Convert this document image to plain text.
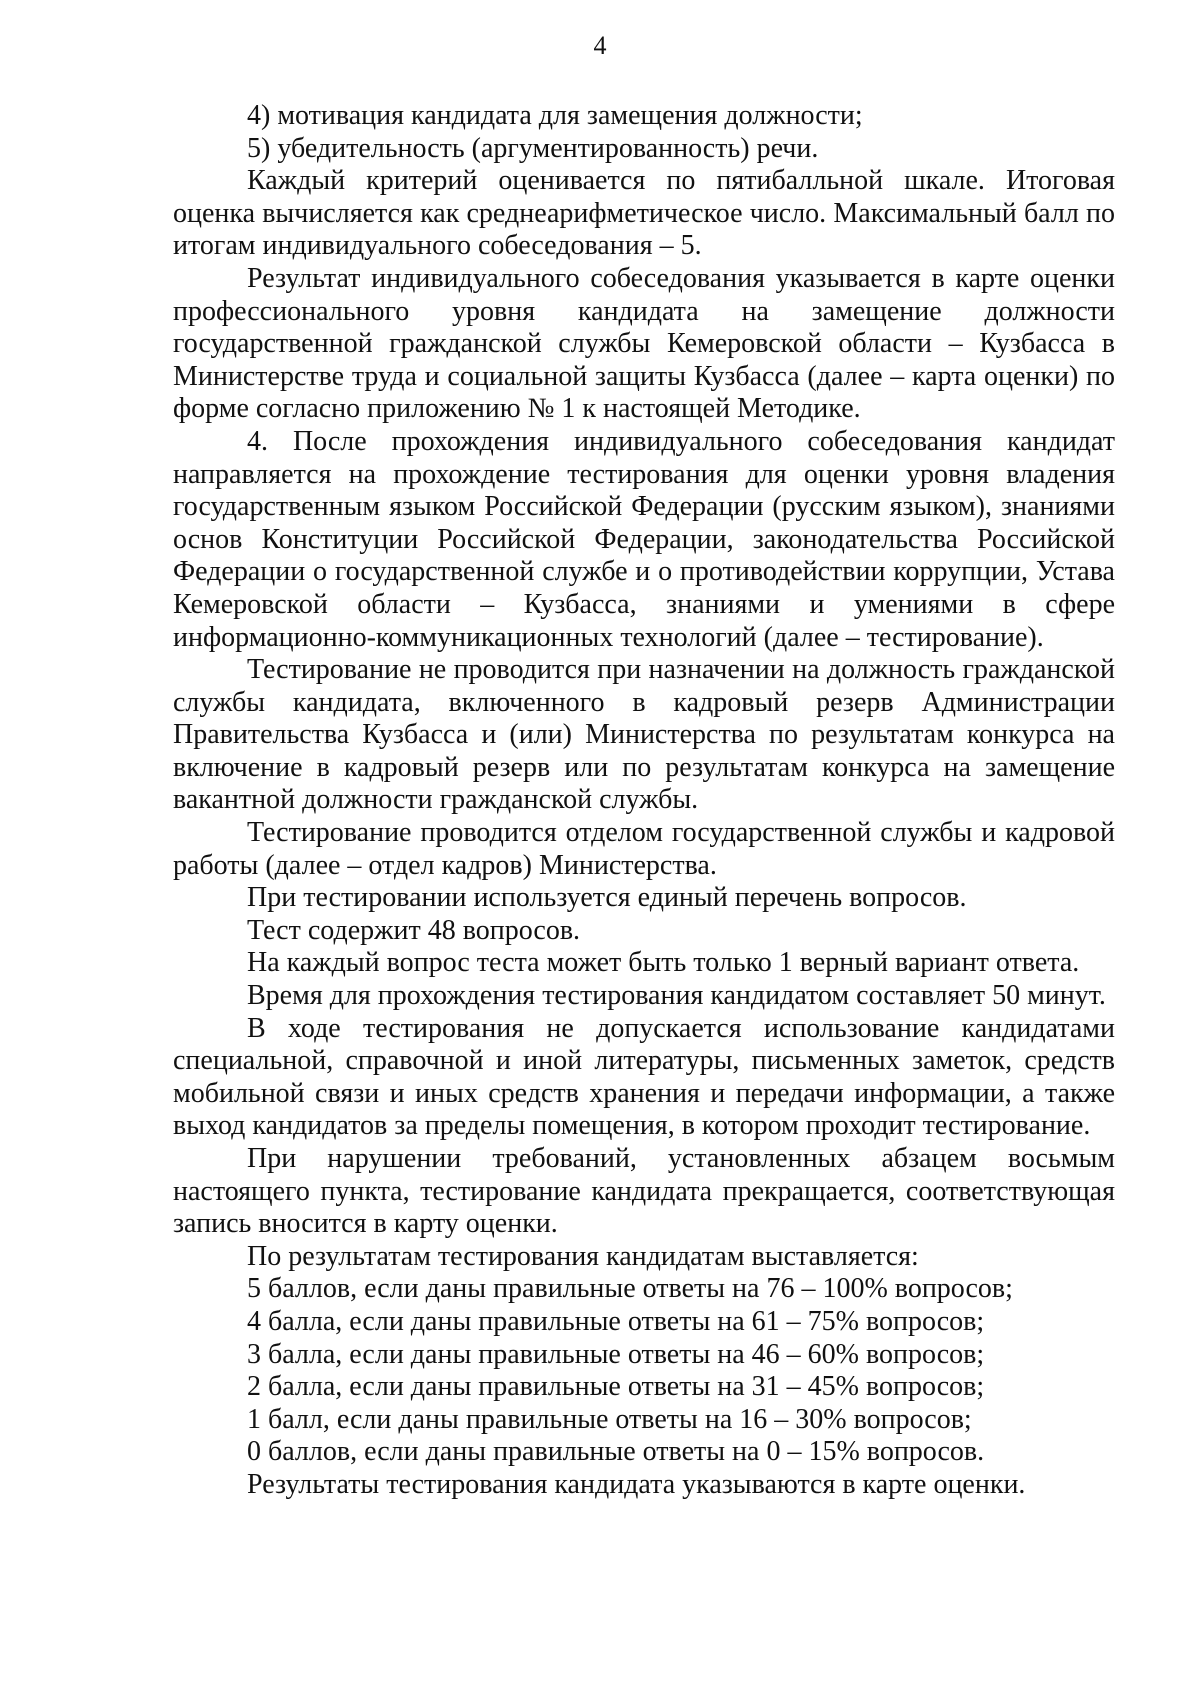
4

4) мотивация кандидата для замещения должности;

5) убедительность (аргументированность) речи.

Каждый критерий оценивается по пятибалльной шкале. Итоговая оценка вычисляется как среднеарифметическое число. Максимальный балл по итогам индивидуального собеседования – 5.

Результат индивидуального собеседования указывается в карте оценки профессионального уровня кандидата на замещение должности государственной гражданской службы Кемеровской области – Кузбасса в Министерстве труда и социальной защиты Кузбасса (далее – карта оценки) по форме согласно приложению № 1 к настоящей Методике.

4. После прохождения индивидуального собеседования кандидат направляется на прохождение тестирования для оценки уровня владения государственным языком Российской Федерации (русским языком), знаниями основ Конституции Российской Федерации, законодательства Российской Федерации о государственной службе и о противодействии коррупции, Устава Кемеровской области – Кузбасса, знаниями и умениями в сфере информационно-коммуникационных технологий (далее – тестирование).

Тестирование не проводится при назначении на должность гражданской службы кандидата, включенного в кадровый резерв Администрации Правительства Кузбасса и (или) Министерства по результатам конкурса на включение в кадровый резерв или по результатам конкурса на замещение вакантной должности гражданской службы.

Тестирование проводится отделом государственной службы и кадровой работы (далее – отдел кадров) Министерства.

При тестировании используется единый перечень вопросов.

Тест содержит 48 вопросов.

На каждый вопрос теста может быть только 1 верный вариант ответа.

Время для прохождения тестирования кандидатом составляет 50 минут.

В ходе тестирования не допускается использование кандидатами специальной, справочной и иной литературы, письменных заметок, средств мобильной связи и иных средств хранения и передачи информации, а также выход кандидатов за пределы помещения, в котором проходит тестирование.

При нарушении требований, установленных абзацем восьмым настоящего пункта, тестирование кандидата прекращается, соответствующая запись вносится в карту оценки.

По результатам тестирования кандидатам выставляется:

5 баллов, если даны правильные ответы на 76 – 100% вопросов;

4 балла, если даны правильные ответы на 61 – 75% вопросов;

3 балла, если даны правильные ответы на 46 – 60% вопросов;

2 балла, если даны правильные ответы на 31 – 45% вопросов;

1 балл, если даны правильные ответы на 16 – 30% вопросов;

0 баллов, если даны правильные ответы на 0 – 15% вопросов.

Результаты тестирования кандидата указываются в карте оценки.
